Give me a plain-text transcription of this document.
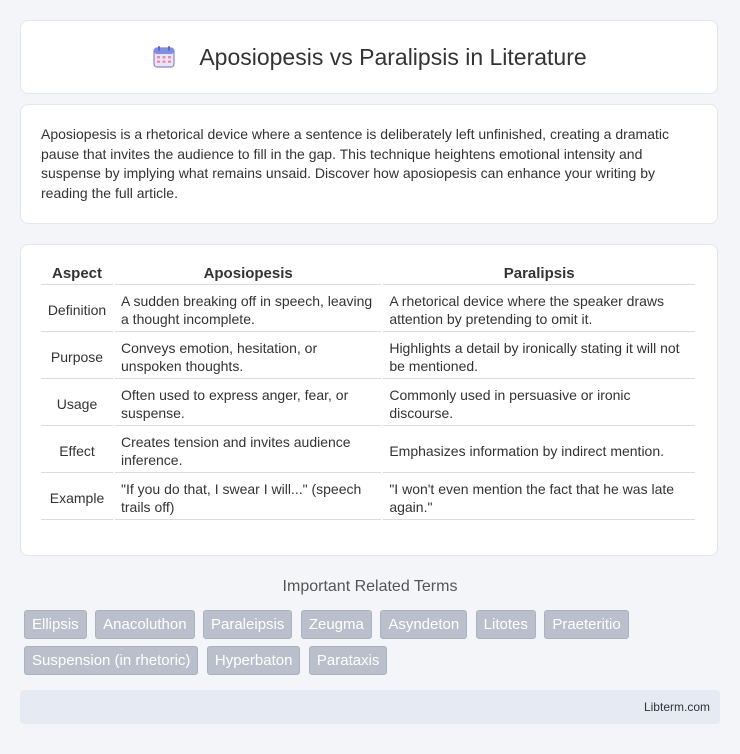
Aposiopesis vs Paralipsis in Literature

Aposiopesis is a rhetorical device where a sentence is deliberately left unfinished, creating a dramatic pause that invites the audience to fill in the gap. This technique heightens emotional intensity and suspense by implying what remains unsaid. Discover how aposiopesis can enhance your writing by reading the full article.

Aspect	Aposiopesis	Paralipsis
Definition	A sudden breaking off in speech, leaving a thought incomplete.	A rhetorical device where the speaker draws attention by pretending to omit it.
Purpose	Conveys emotion, hesitation, or unspoken thoughts.	Highlights a detail by ironically stating it will not be mentioned.
Usage	Often used to express anger, fear, or suspense.	Commonly used in persuasive or ironic discourse.
Effect	Creates tension and invites audience inference.	Emphasizes information by indirect mention.
Example	"If you do that, I swear I will..." (speech trails off)	"I won't even mention the fact that he was late again."
Important Related Terms
Ellipsis Anacoluthon Paraleipsis Zeugma Asyndeton Litotes Praeteritio Suspension (in rhetoric) Hyperbaton Parataxis
Libterm.com
